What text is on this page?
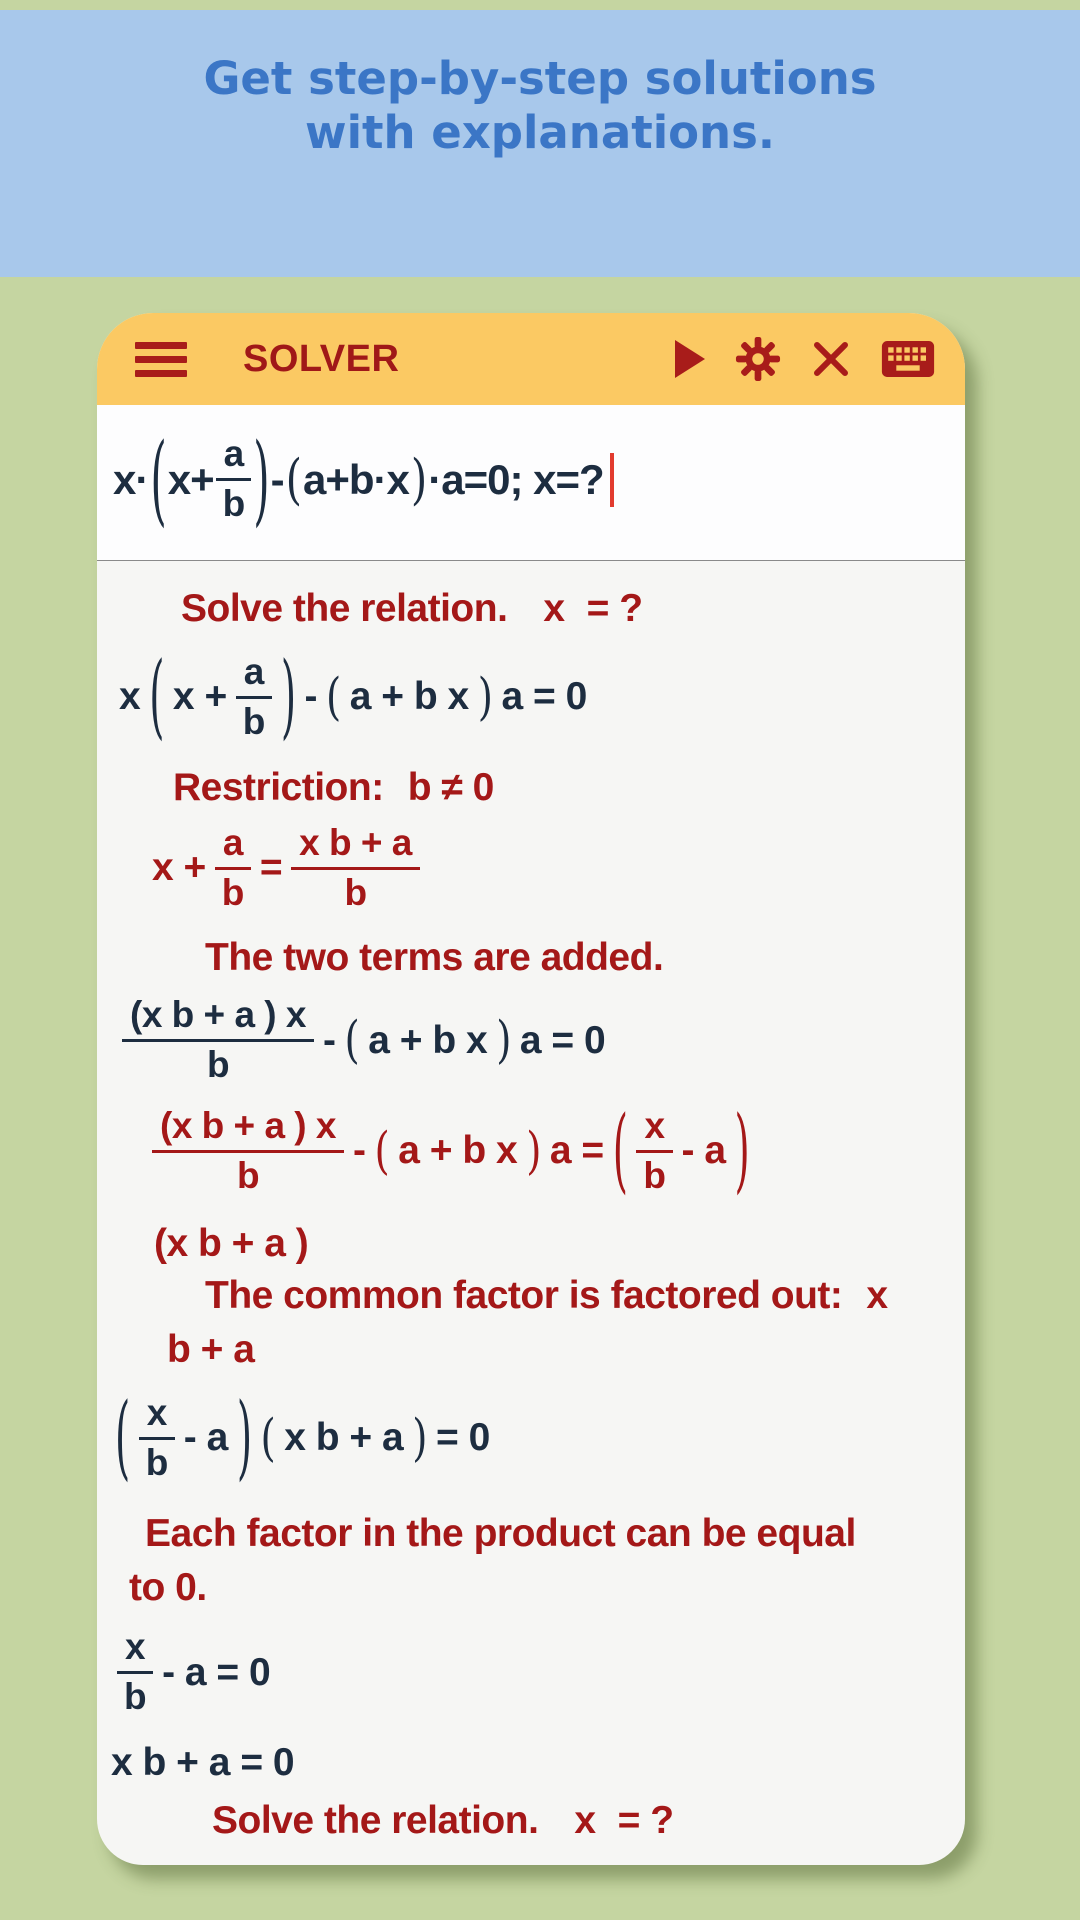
Get step-by-step solutions
with explanations.
SOLVER
x· ( $x+ \frac{a}{b}$ ) - ( a+b·x ) ·a=0; x=?
Solve the relation. x = ?
x ( $x + \frac{a}{b}$ ) - ( a + b x ) a = 0
Restriction: b ≠ 0
$x + \frac{a}{b} = \frac{\text{x b + a}}{b}$
The two terms are added.
$\frac{\text{(x b + a ) x}}{b}$ - ( a + b x ) a = 0
$\frac{\text{(x b + a ) x}}{b}$ - ( a + b x ) a = ( $\frac{x}{b}$ - a )
(x b + a )
The common factor is factored out: x
b + a
( $\frac{x}{b}$ - a ) ( x b + a ) = 0
Each factor in the product can be equal
to 0.
$\frac{x}{b} - a = 0$
x b + a = 0
Solve the relation. x = ?
